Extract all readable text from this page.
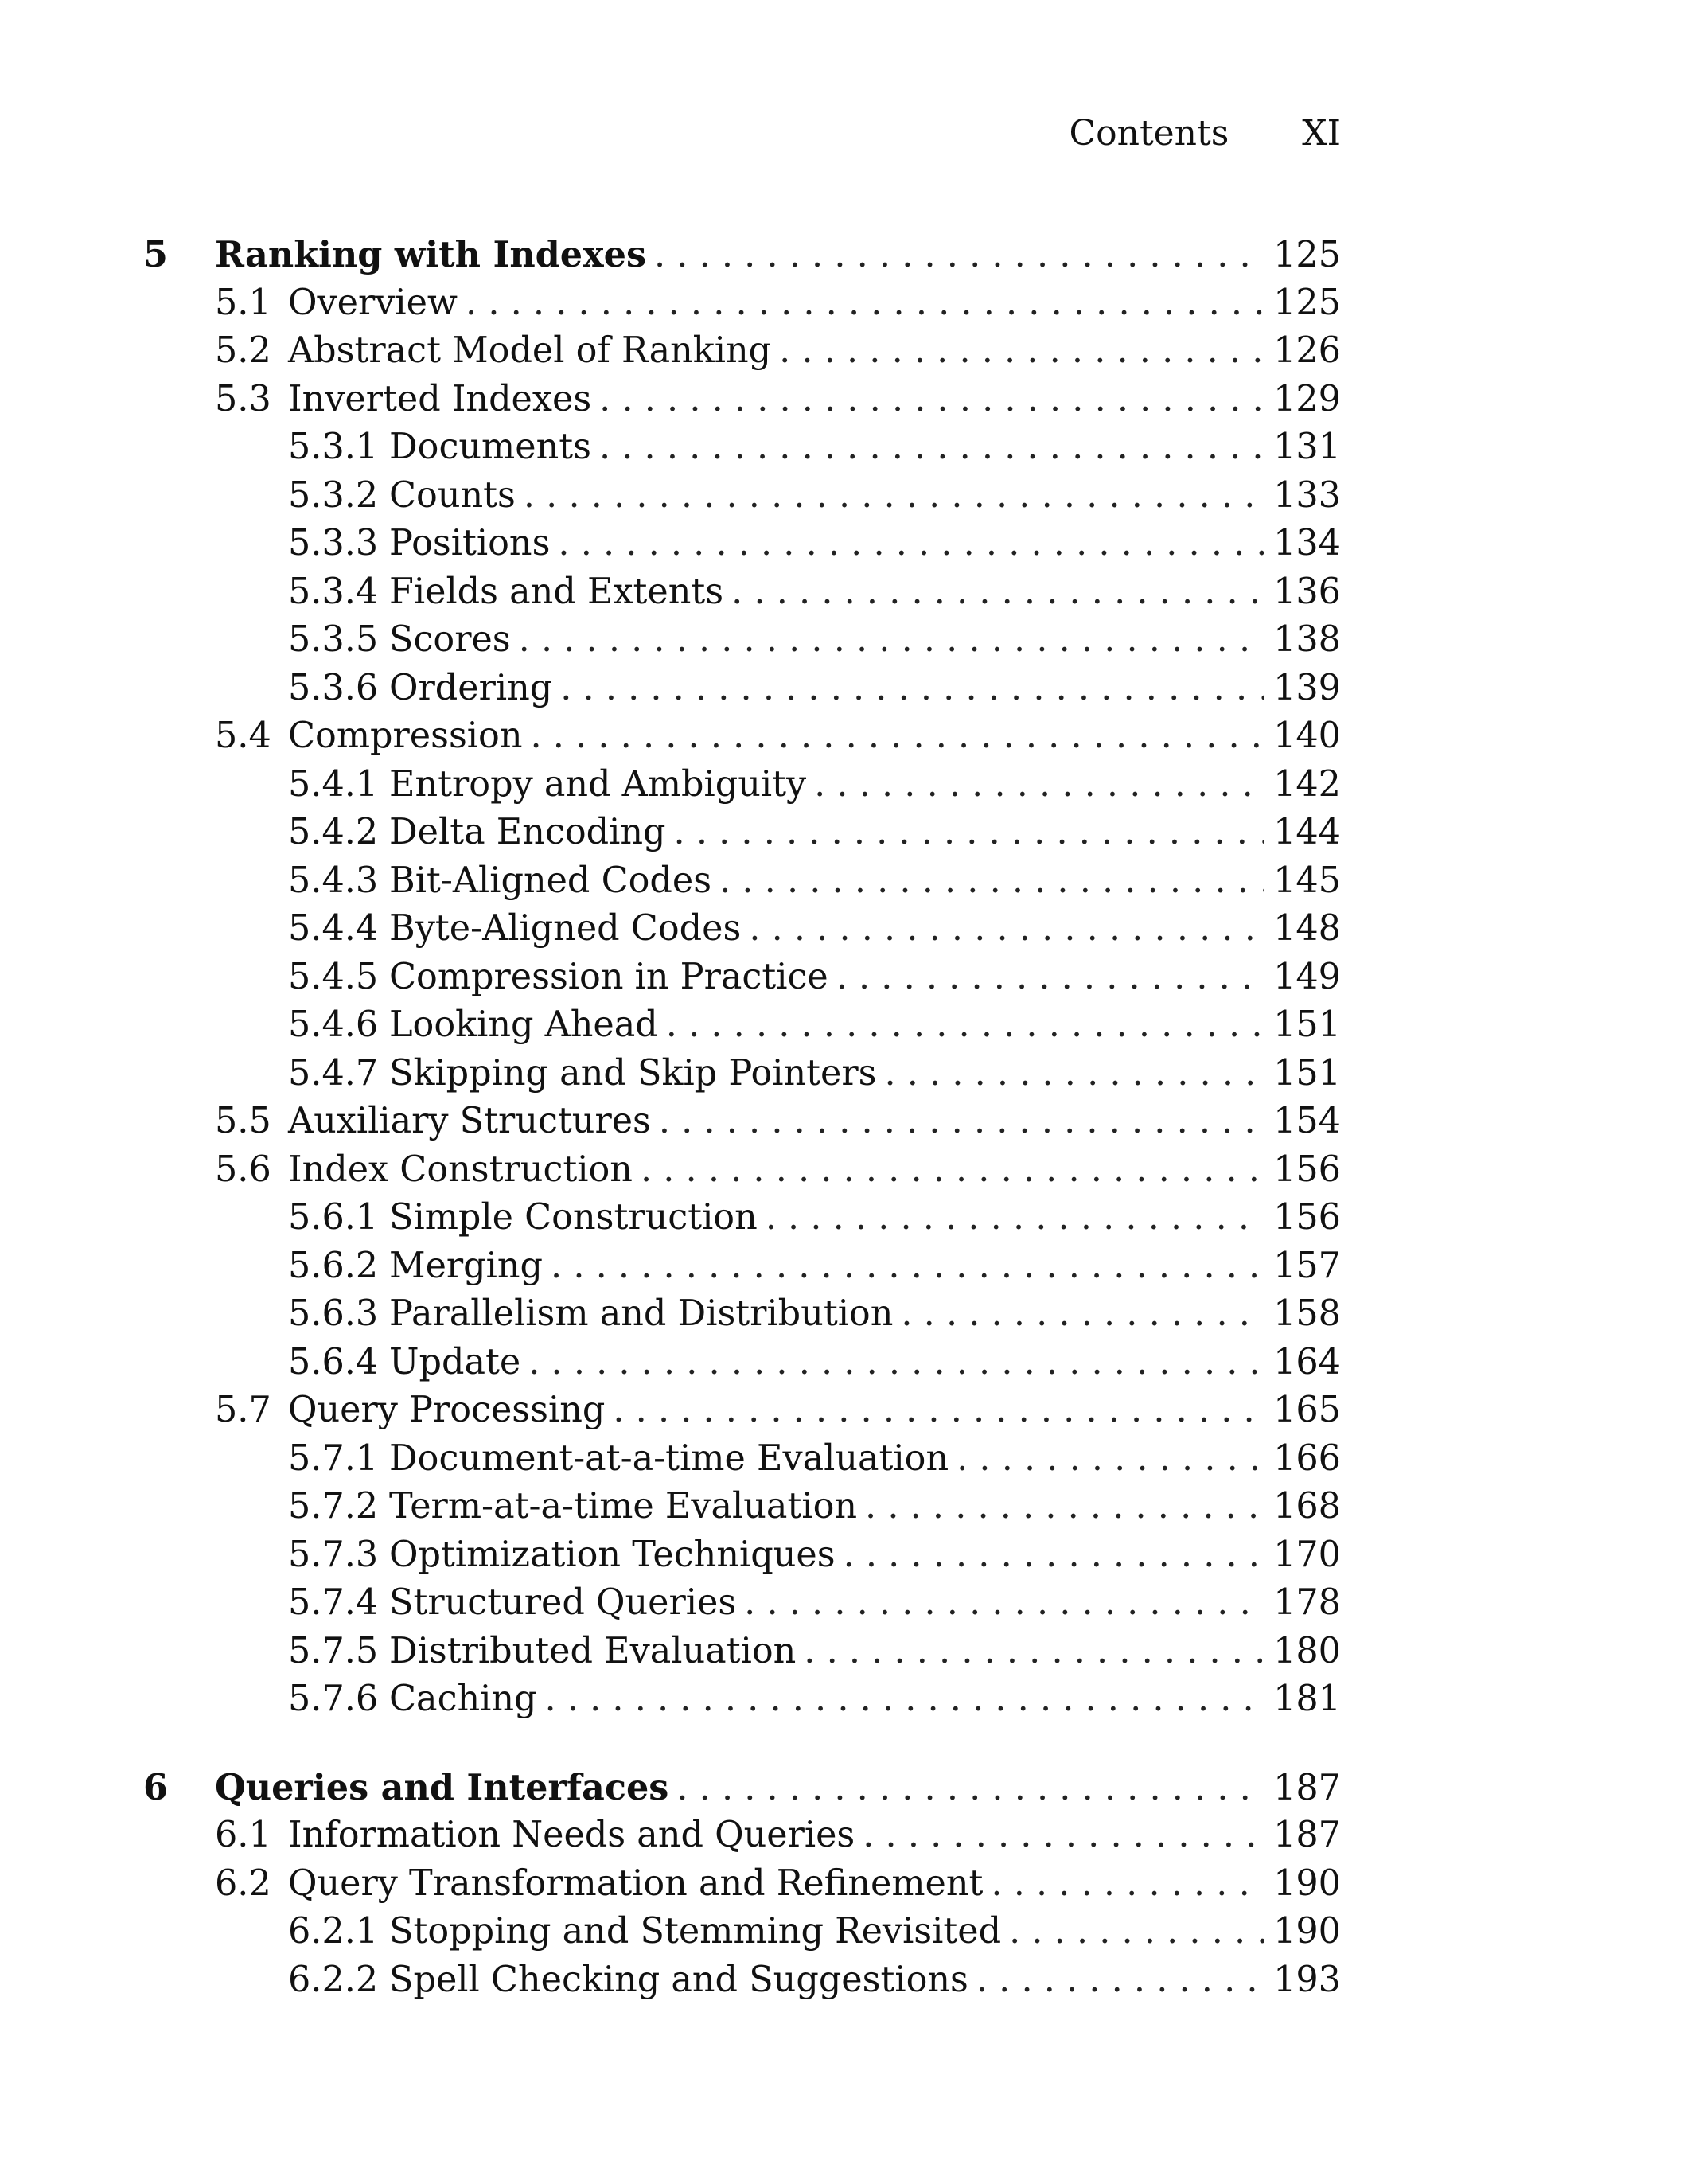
Contents XI
5	Ranking with Indexes . . .	125
5.1 Overview . . .	125
5.2 Abstract Model of Ranking . . .	126
5.3 Inverted Indexes . . .	129
5.3.1 Documents . . .	131
5.3.2 Counts . . .	133
5.3.3 Positions . . .	134
5.3.4 Fields and Extents . . .	136
5.3.5 Scores . . .	138
5.3.6 Ordering . . .	139
5.4 Compression . . .	140
5.4.1 Entropy and Ambiguity . . .	142
5.4.2 Delta Encoding . . .	144
5.4.3 Bit-Aligned Codes . . .	145
5.4.4 Byte-Aligned Codes . . .	148
5.4.5 Compression in Practice . . .	149
5.4.6 Looking Ahead . . .	151
5.4.7 Skipping and Skip Pointers . . .	151
5.5 Auxiliary Structures . . .	154
5.6 Index Construction . . .	156
5.6.1 Simple Construction . . .	156
5.6.2 Merging . . .	157
5.6.3 Parallelism and Distribution . . .	158
5.6.4 Update . . .	164
5.7 Query Processing . . .	165
5.7.1 Document-at-a-time Evaluation . . .	166
5.7.2 Term-at-a-time Evaluation . . .	168
5.7.3 Optimization Techniques . . .	170
5.7.4 Structured Queries . . .	178
5.7.5 Distributed Evaluation . . .	180
5.7.6 Caching . . .	181
6	Queries and Interfaces . . .	187
6.1 Information Needs and Queries . . .	187
6.2 Query Transformation and Refinement . . .	190
6.2.1 Stopping and Stemming Revisited . . .	190
6.2.2 Spell Checking and Suggestions . . .	193
